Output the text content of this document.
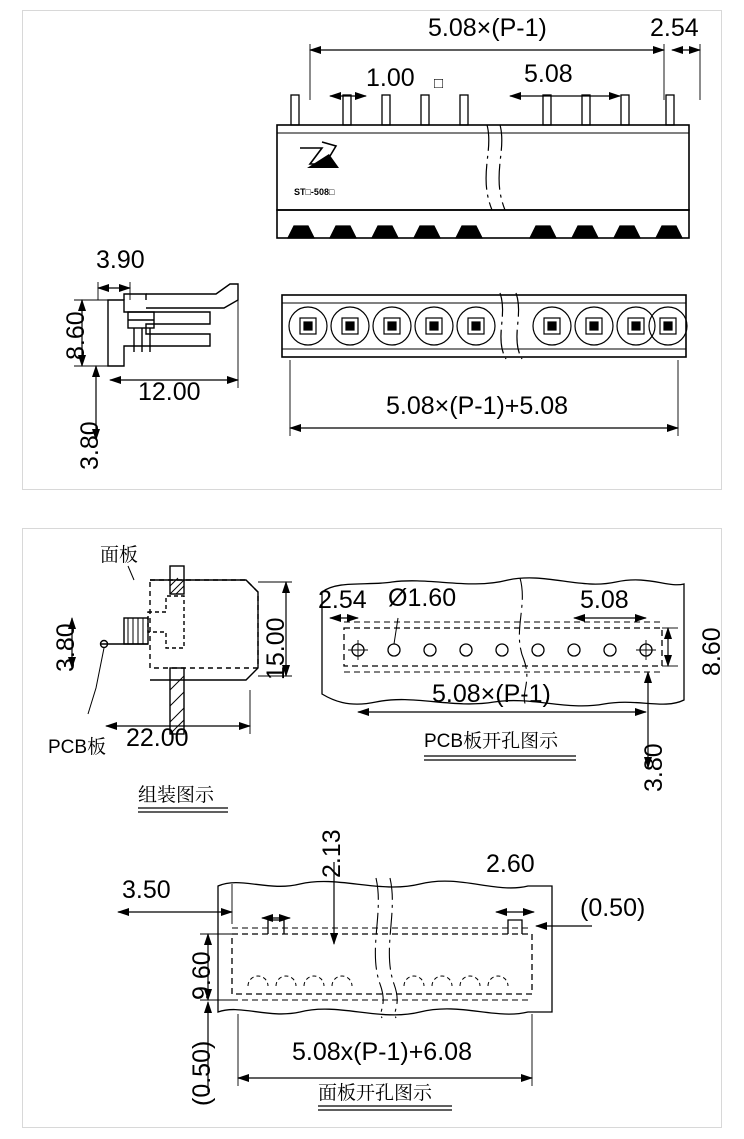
5.08×(P-1)	2.54
1.00 □	5.08
ST□-508□
3.90
8.60
3.80
12.00	5.08×(P-1)+5.08
面板
PCB板
15.00
3.80
22.00
组装图示
2.54 Ø1.60	5.08
5.08×(P-1)
8.60
3.80
PCB板开孔图示
3.50
2.13	2.60
(0.50)
9.60
(0.50)	5.08x(P-1)+6.08
面板开孔图示
